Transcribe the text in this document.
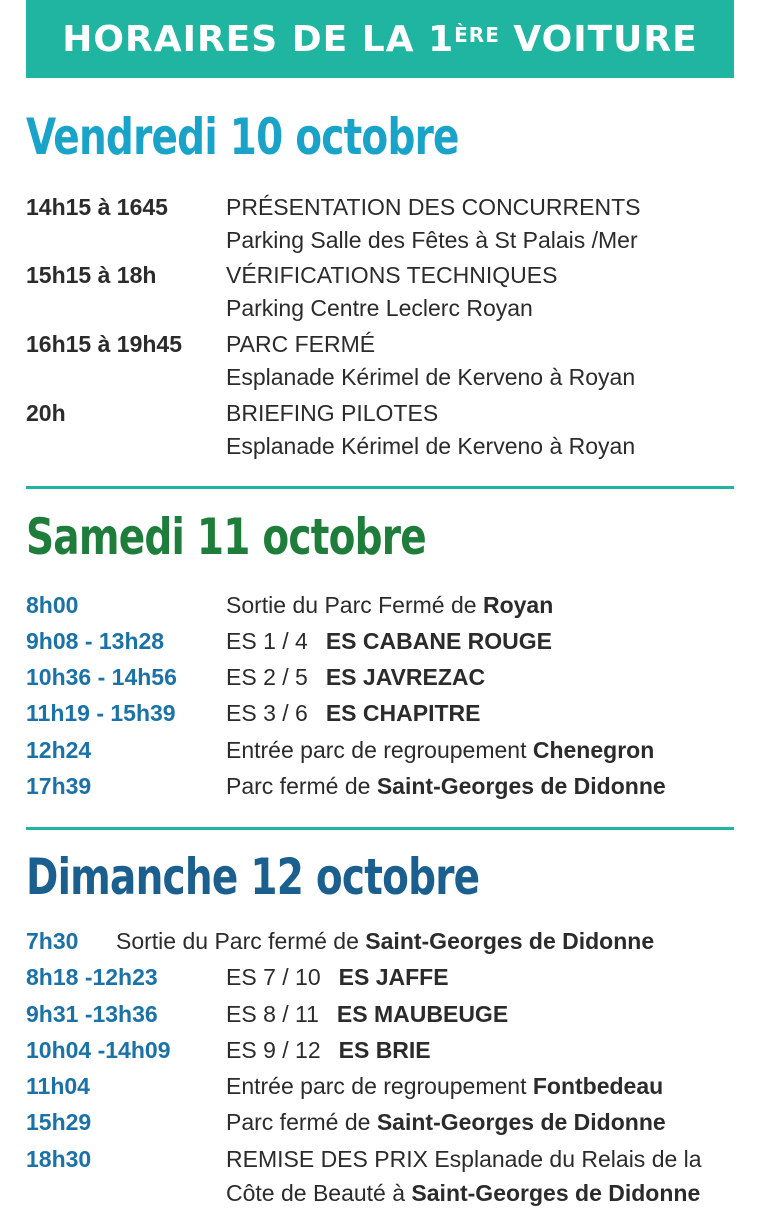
HORAIRES DE LA 1ÈRE VOITURE
Vendredi 10 octobre
14h15 à 1645	PRÉSENTATION DES CONCURRENTS
Parking Salle des Fêtes à St Palais /Mer
15h15 à 18h	VÉRIFICATIONS TECHNIQUES
Parking Centre Leclerc Royan
16h15 à 19h45 PARC FERMÉ
Esplanade Kérimel de Kerveno à Royan
20h	BRIEFING PILOTES
Esplanade Kérimel de Kerveno à Royan
Samedi 11 octobre
8h00	Sortie du Parc Fermé de Royan
9h08 - 13h28	ES 1 / 4 ES CABANE ROUGE
10h36 - 14h56 ES 2 / 5 ES JAVREZAC
11h19 - 15h39 ES 3 / 6 ES CHAPITRE
12h24	Entrée parc de regroupement Chenegron
17h39	Parc fermé de Saint-Georges de Didonne
Dimanche 12 octobre
7h30 Sortie du Parc fermé de Saint-Georges de Didonne
8h18 -12h23	ES 7 / 10 ES JAFFE
9h31 -13h36	ES 8 / 11 ES MAUBEUGE
10h04 -14h09 ES 9 / 12 ES BRIE
11h04	Entrée parc de regroupement Fontbedeau
15h29	Parc fermé de Saint-Georges de Didonne
18h30	REMISE DES PRIX Esplanade du Relais de la
Côte de Beauté à Saint-Georges de Didonne
